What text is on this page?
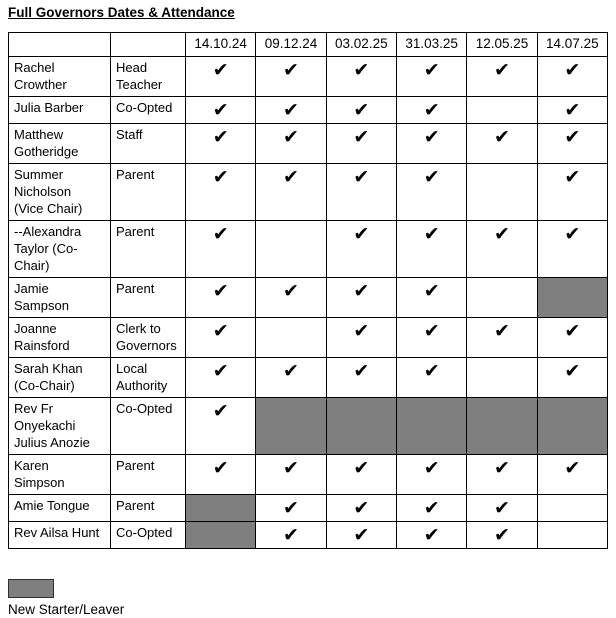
Full Governors Dates & Attendance
		14.10.24	09.12.24	03.02.25	31.03.25	12.05.25	14.07.25
Rachel Crowther	Head Teacher	✔	✔	✔	✔	✔	✔
Julia Barber	Co-Opted	✔	✔	✔	✔		✔
Matthew Gotheridge	Staff	✔	✔	✔	✔	✔	✔
Summer Nicholson (Vice Chair)	Parent	✔	✔	✔	✔		✔
--Alexandra Taylor (Co-Chair)	Parent	✔		✔	✔	✔	✔
Jamie Sampson	Parent	✔	✔	✔	✔		
Joanne Rainsford	Clerk to Governors	✔		✔	✔	✔	✔
Sarah Khan (Co-Chair)	Local Authority	✔	✔	✔	✔		✔
Rev Fr Onyekachi Julius Anozie	Co-Opted	✔					
Karen Simpson	Parent	✔	✔	✔	✔	✔	✔
Amie Tongue	Parent		✔	✔	✔	✔	
Rev Ailsa Hunt	Co-Opted		✔	✔	✔	✔	
New Starter/Leaver
